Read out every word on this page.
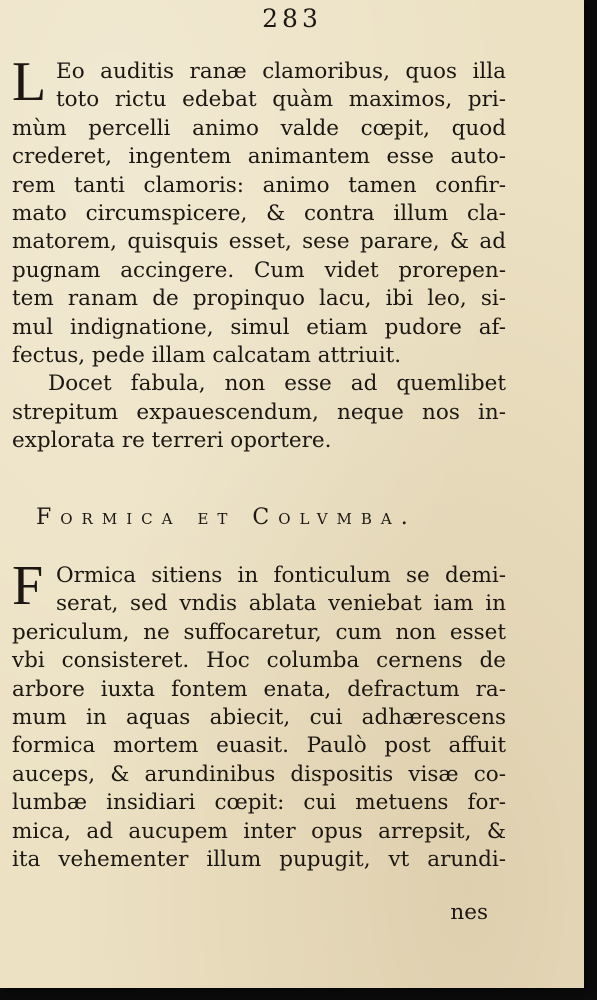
283
L Eo auditis ranæ clamoribus, quos illa
toto rictu edebat quàm maximos, pri-
mùm percelli animo valde cœpit, quod
crederet, ingentem animantem esse auto-
rem tanti clamoris: animo tamen confir-
mato circumspicere, & contra illum cla-
matorem, quisquis esset, sese parare, & ad
pugnam accingere. Cum videt prorepen-
tem ranam de propinquo lacu, ibi leo, si-
mul indignatione, simul etiam pudore af-
fectus, pede illam calcatam attriuit.
Docet fabula, non esse ad quemlibet
strepitum expauescendum, neque nos in-
explorata re terreri oportere.
Formica et Colvmba.
F Ormica sitiens in fonticulum se demi-
serat, sed vndis ablata veniebat iam in
periculum, ne suffocaretur, cum non esset
vbi consisteret. Hoc columba cernens de
arbore iuxta fontem enata, defractum ra-
mum in aquas abiecit, cui adhærescens
formica mortem euasit. Paulò post affuit
auceps, & arundinibus dispositis visæ co-
lumbæ insidiari cœpit: cui metuens for-
mica, ad aucupem inter opus arrepsit, &
ita vehementer illum pupugit, vt arundi-
nes
